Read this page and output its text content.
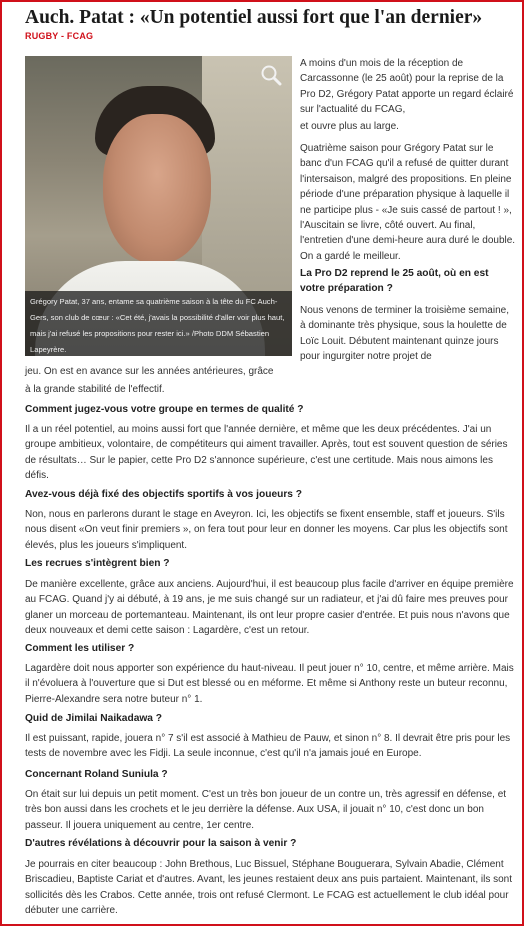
Auch. Patat : «Un potentiel aussi fort que l'an dernier»
RUGBY - FCAG
Grégory Patat, 37 ans, entame sa quatrième saison à la tête du FC Auch-Gers, son club de cœur : «Cet été, j'avais la possibilité d'aller voir plus haut, mais j'ai refusé les propositions pour rester ici.» /Photo DDM Sébastien Lapeyrère.

A moins d'un mois de la réception de Carcassonne (le 25 août) pour la reprise de la Pro D2, Grégory Patat apporte un regard éclairé sur l'actualité du FCAG,

et ouvre plus au large.

Quatrième saison pour Grégory Patat sur le banc d'un FCAG qu'il a refusé de quitter durant l'intersaison, malgré des propositions. En pleine période d'une préparation physique à laquelle il ne participe plus - «Je suis cassé de partout ! », l'Auscitain se livre, côté ouvert. Au final, l'entretien d'une demi-heure aura duré le double. On a gardé le meilleur.

La Pro D2 reprend le 25 août, où en est votre préparation ?
Nous venons de terminer la troisième semaine, à dominante très physique, sous la houlette de Loïc Louit. Débutent maintenant quinze jours pour ingurgiter notre projet de
jeu. On est en avance sur les années antérieures, grâce
à la grande stabilité de l'effectif.
Comment jugez-vous votre groupe en termes de qualité ?
Il a un réel potentiel, au moins aussi fort que l'année dernière, et même que les deux précédentes. J'ai un groupe ambitieux, volontaire, de compétiteurs qui aiment travailler. Après, tout est souvent question de séries de résultats… Sur le papier, cette Pro D2 s'annonce supérieure, c'est une certitude. Mais nous aimons les défis.
Avez-vous déjà fixé des objectifs sportifs à vos joueurs ?
Non, nous en parlerons durant le stage en Aveyron. Ici, les objectifs se fixent ensemble, staff et joueurs. S'ils nous disent «On veut finir premiers », on fera tout pour leur en donner les moyens. Car plus les objectifs sont élevés, plus les joueurs s'impliquent.
Les recrues s'intègrent bien ?
De manière excellente, grâce aux anciens. Aujourd'hui, il est beaucoup plus facile d'arriver en équipe première au FCAG. Quand j'y ai débuté, à 19 ans, je me suis changé sur un radiateur, et j'ai dû faire mes preuves pour glaner un morceau de portemanteau. Maintenant, ils ont leur propre casier d'entrée. Et puis nous n'avons que deux nouveaux et demi cette saison : Lagardère, c'est un retour.
Comment les utiliser ?
Lagardère doit nous apporter son expérience du haut-niveau. Il peut jouer n° 10, centre, et même arrière. Mais il n'évoluera à l'ouverture que si Dut est blessé ou en méforme. Et même si Anthony reste un buteur reconnu, Pierre-Alexandre sera notre buteur n° 1.
Quid de Jimilai Naikadawa ?
Il est puissant, rapide, jouera n° 7 s'il est associé à Mathieu de Pauw, et sinon n° 8. Il devrait être pris pour les tests de novembre avec les Fidji. La seule inconnue, c'est qu'il n'a jamais joué en Europe.
Concernant Roland Suniula ?
On était sur lui depuis un petit moment. C'est un très bon joueur de un contre un, très agressif en défense, et très bon aussi dans les crochets et le jeu derrière la défense. Aux USA, il jouait n° 10, c'est donc un bon passeur. Il jouera uniquement au centre, 1er centre.
D'autres révélations à découvrir pour la saison à venir ?
Je pourrais en citer beaucoup : John Brethous, Luc Bissuel, Stéphane Bouguerara, Sylvain Abadie, Clément Briscadieu, Baptiste Cariat et d'autres. Avant, les jeunes restaient deux ans puis partaient. Maintenant, ils sont sollicités dès les Crabos. Cette année, trois ont refusé Clermont. Le FCAG est actuellement le club idéal pour débuter une carrière.
